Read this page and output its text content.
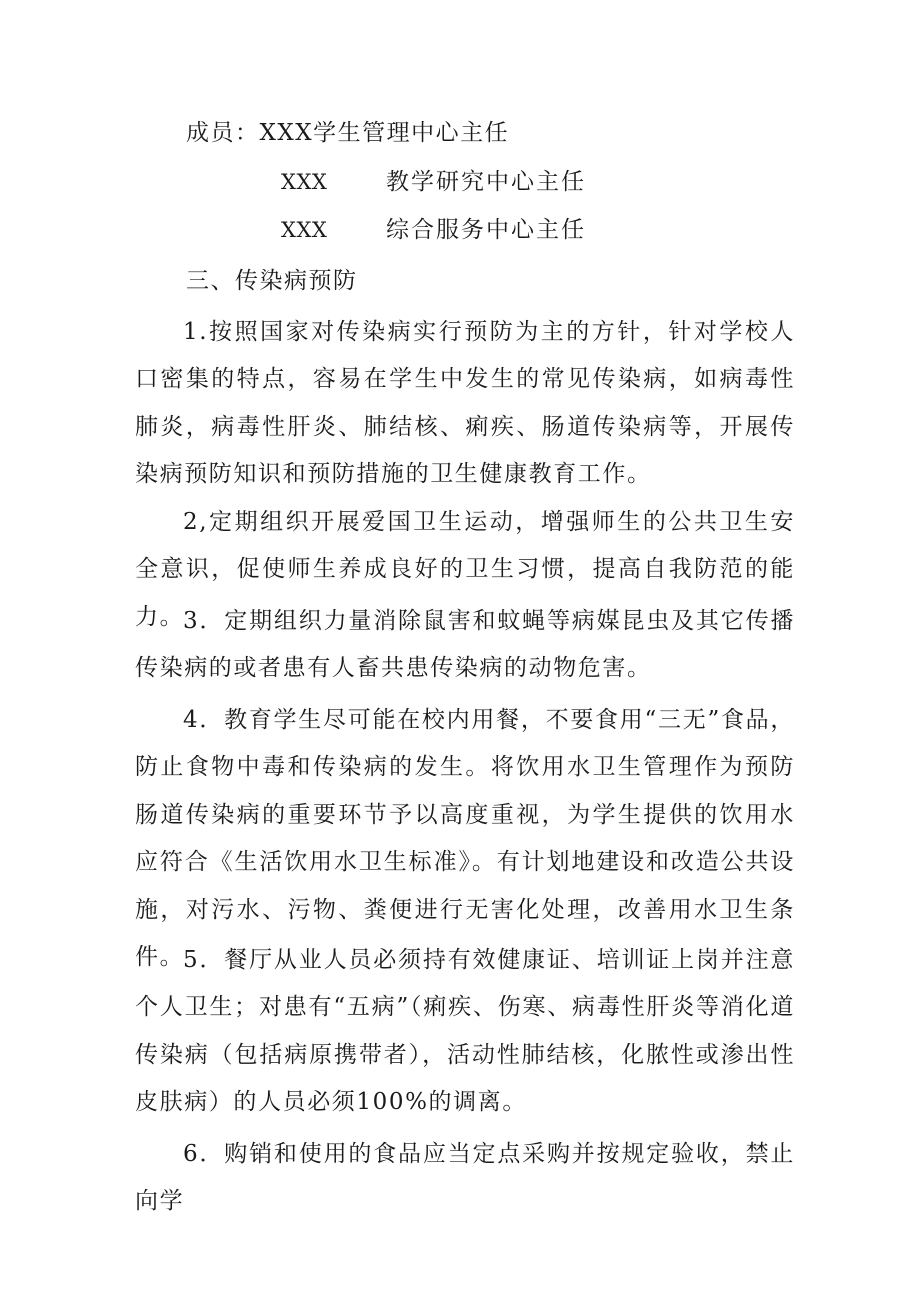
成员：XXX学生管理中心主任
XXX	教学研究中心主任
XXX	综合服务中心主任
三、传染病预防
1.按照国家对传染病实行预防为主的方针，针对学校人口密集的特点，容易在学生中发生的常见传染病，如病毒性肺炎，病毒性肝炎、肺结核、痢疾、肠道传染病等，开展传染病预防知识和预防措施的卫生健康教育工作。
2,定期组织开展爱国卫生运动，增强师生的公共卫生安全意识，促使师生养成良好的卫生习惯，提高自我防范的能力。
3．定期组织力量消除鼠害和蚊蝇等病媒昆虫及其它传播传染病的或者患有人畜共患传染病的动物危害。
4．教育学生尽可能在校内用餐，不要食用“三无”食品，防止食物中毒和传染病的发生。将饮用水卫生管理作为预防肠道传染病的重要环节予以高度重视，为学生提供的饮用水应符合《生活饮用水卫生标准》。有计划地建设和改造公共设施，对污水、污物、粪便进行无害化处理，改善用水卫生条件。
5．餐厅从业人员必须持有效健康证、培训证上岗并注意个人卫生；对患有“五病”（痢疾、伤寒、病毒性肝炎等消化道传染病（包括病原携带者），活动性肺结核，化脓性或渗出性皮肤病）的人员必须100%的调离。
6．购销和使用的食品应当定点采购并按规定验收，禁止向学
